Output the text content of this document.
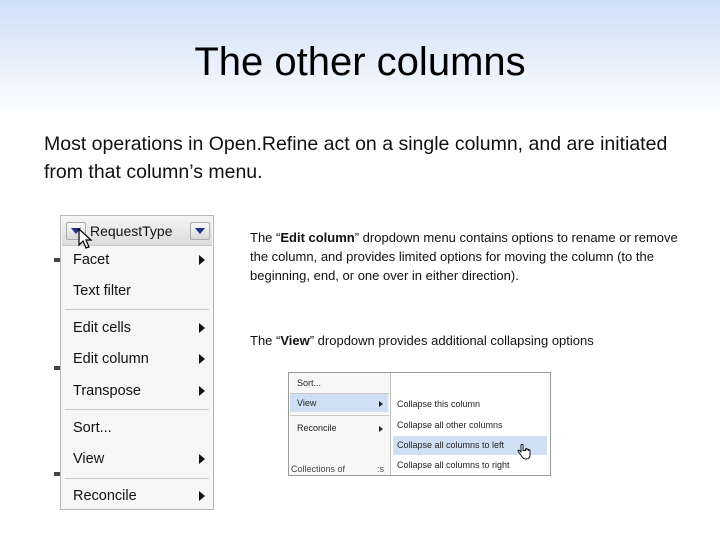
The other columns
Most operations in Open.Refine act on a single column, and are initiated from that column’s menu.
RequestType
Facet
Text filter
Edit cells
Edit column
Transpose
Sort...
View
Reconcile
The “Edit column” dropdown menu contains options to rename or remove the column, and provides limited options for moving the column (to the beginning, end, or one over in either direction).
The “View” dropdown provides additional collapsing options
Sort...
View
Reconcile
Collections of	:s
Collapse this column
Collapse all other columns
Collapse all columns to left
Collapse all columns to right
